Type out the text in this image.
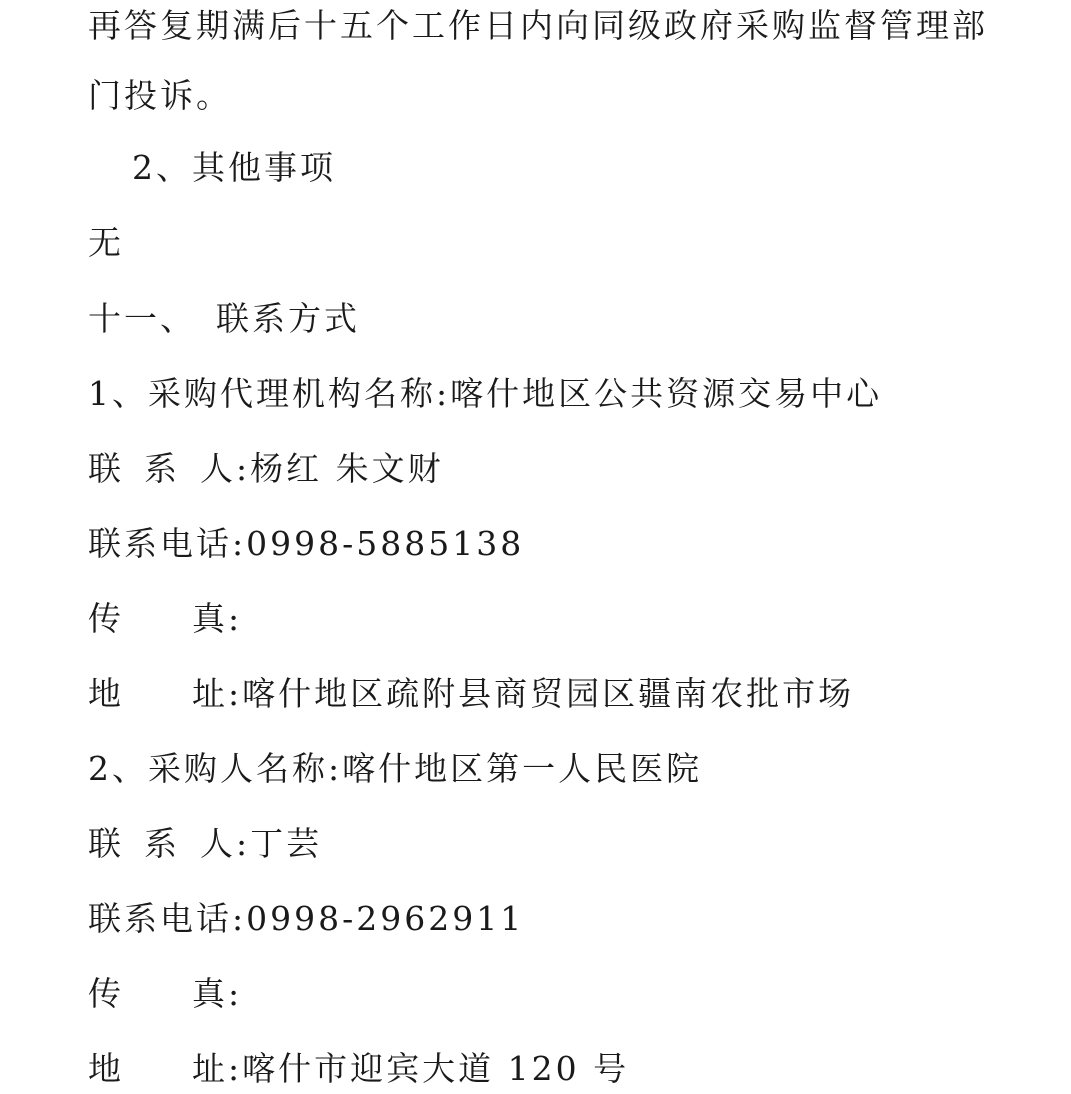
再答复期满后十五个工作日内向同级政府采购监督管理部
门投诉。
2、其他事项
无
十一、 联系方式
1、采购代理机构名称:喀什地区公共资源交易中心
联 系 人:杨红 朱文财
联系电话:0998-5885138
传 真:
地 址:喀什地区疏附县商贸园区疆南农批市场
2、采购人名称:喀什地区第一人民医院
联 系 人:丁芸
联系电话:0998-2962911
传 真:
地 址:喀什市迎宾大道 120 号
